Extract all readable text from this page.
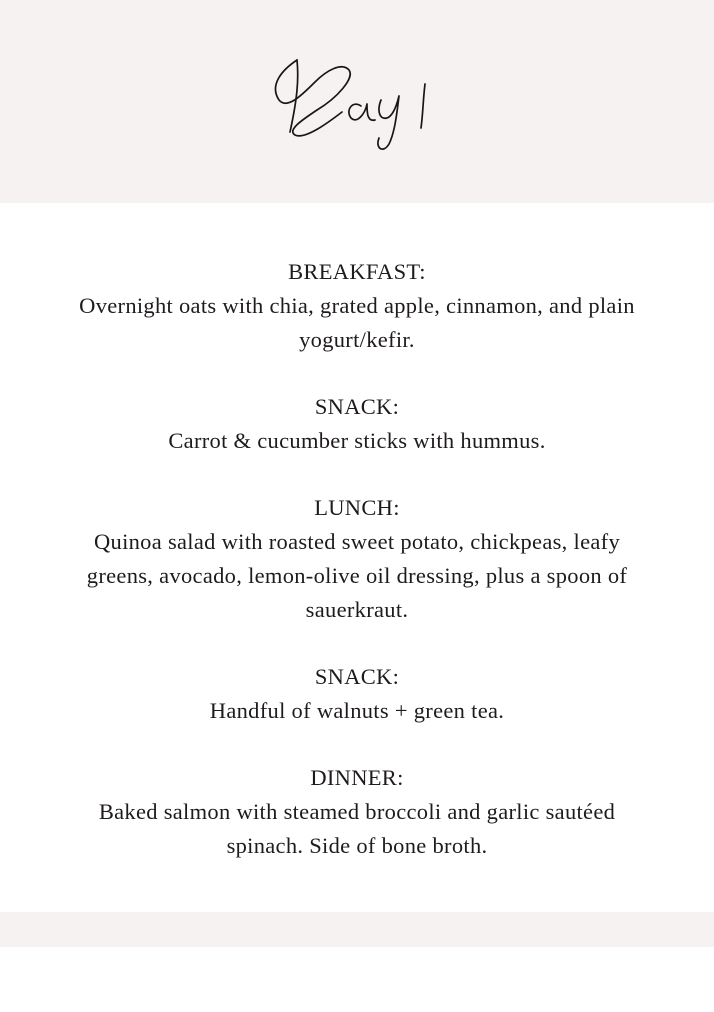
BREAKFAST:
Overnight oats with chia, grated apple, cinnamon, and plain yogurt/kefir.
SNACK:
Carrot & cucumber sticks with hummus.
LUNCH:
Quinoa salad with roasted sweet potato, chickpeas, leafy greens, avocado, lemon-olive oil dressing, plus a spoon of sauerkraut.
SNACK:
Handful of walnuts + green tea.
DINNER:
Baked salmon with steamed broccoli and garlic sautéed spinach. Side of bone broth.
